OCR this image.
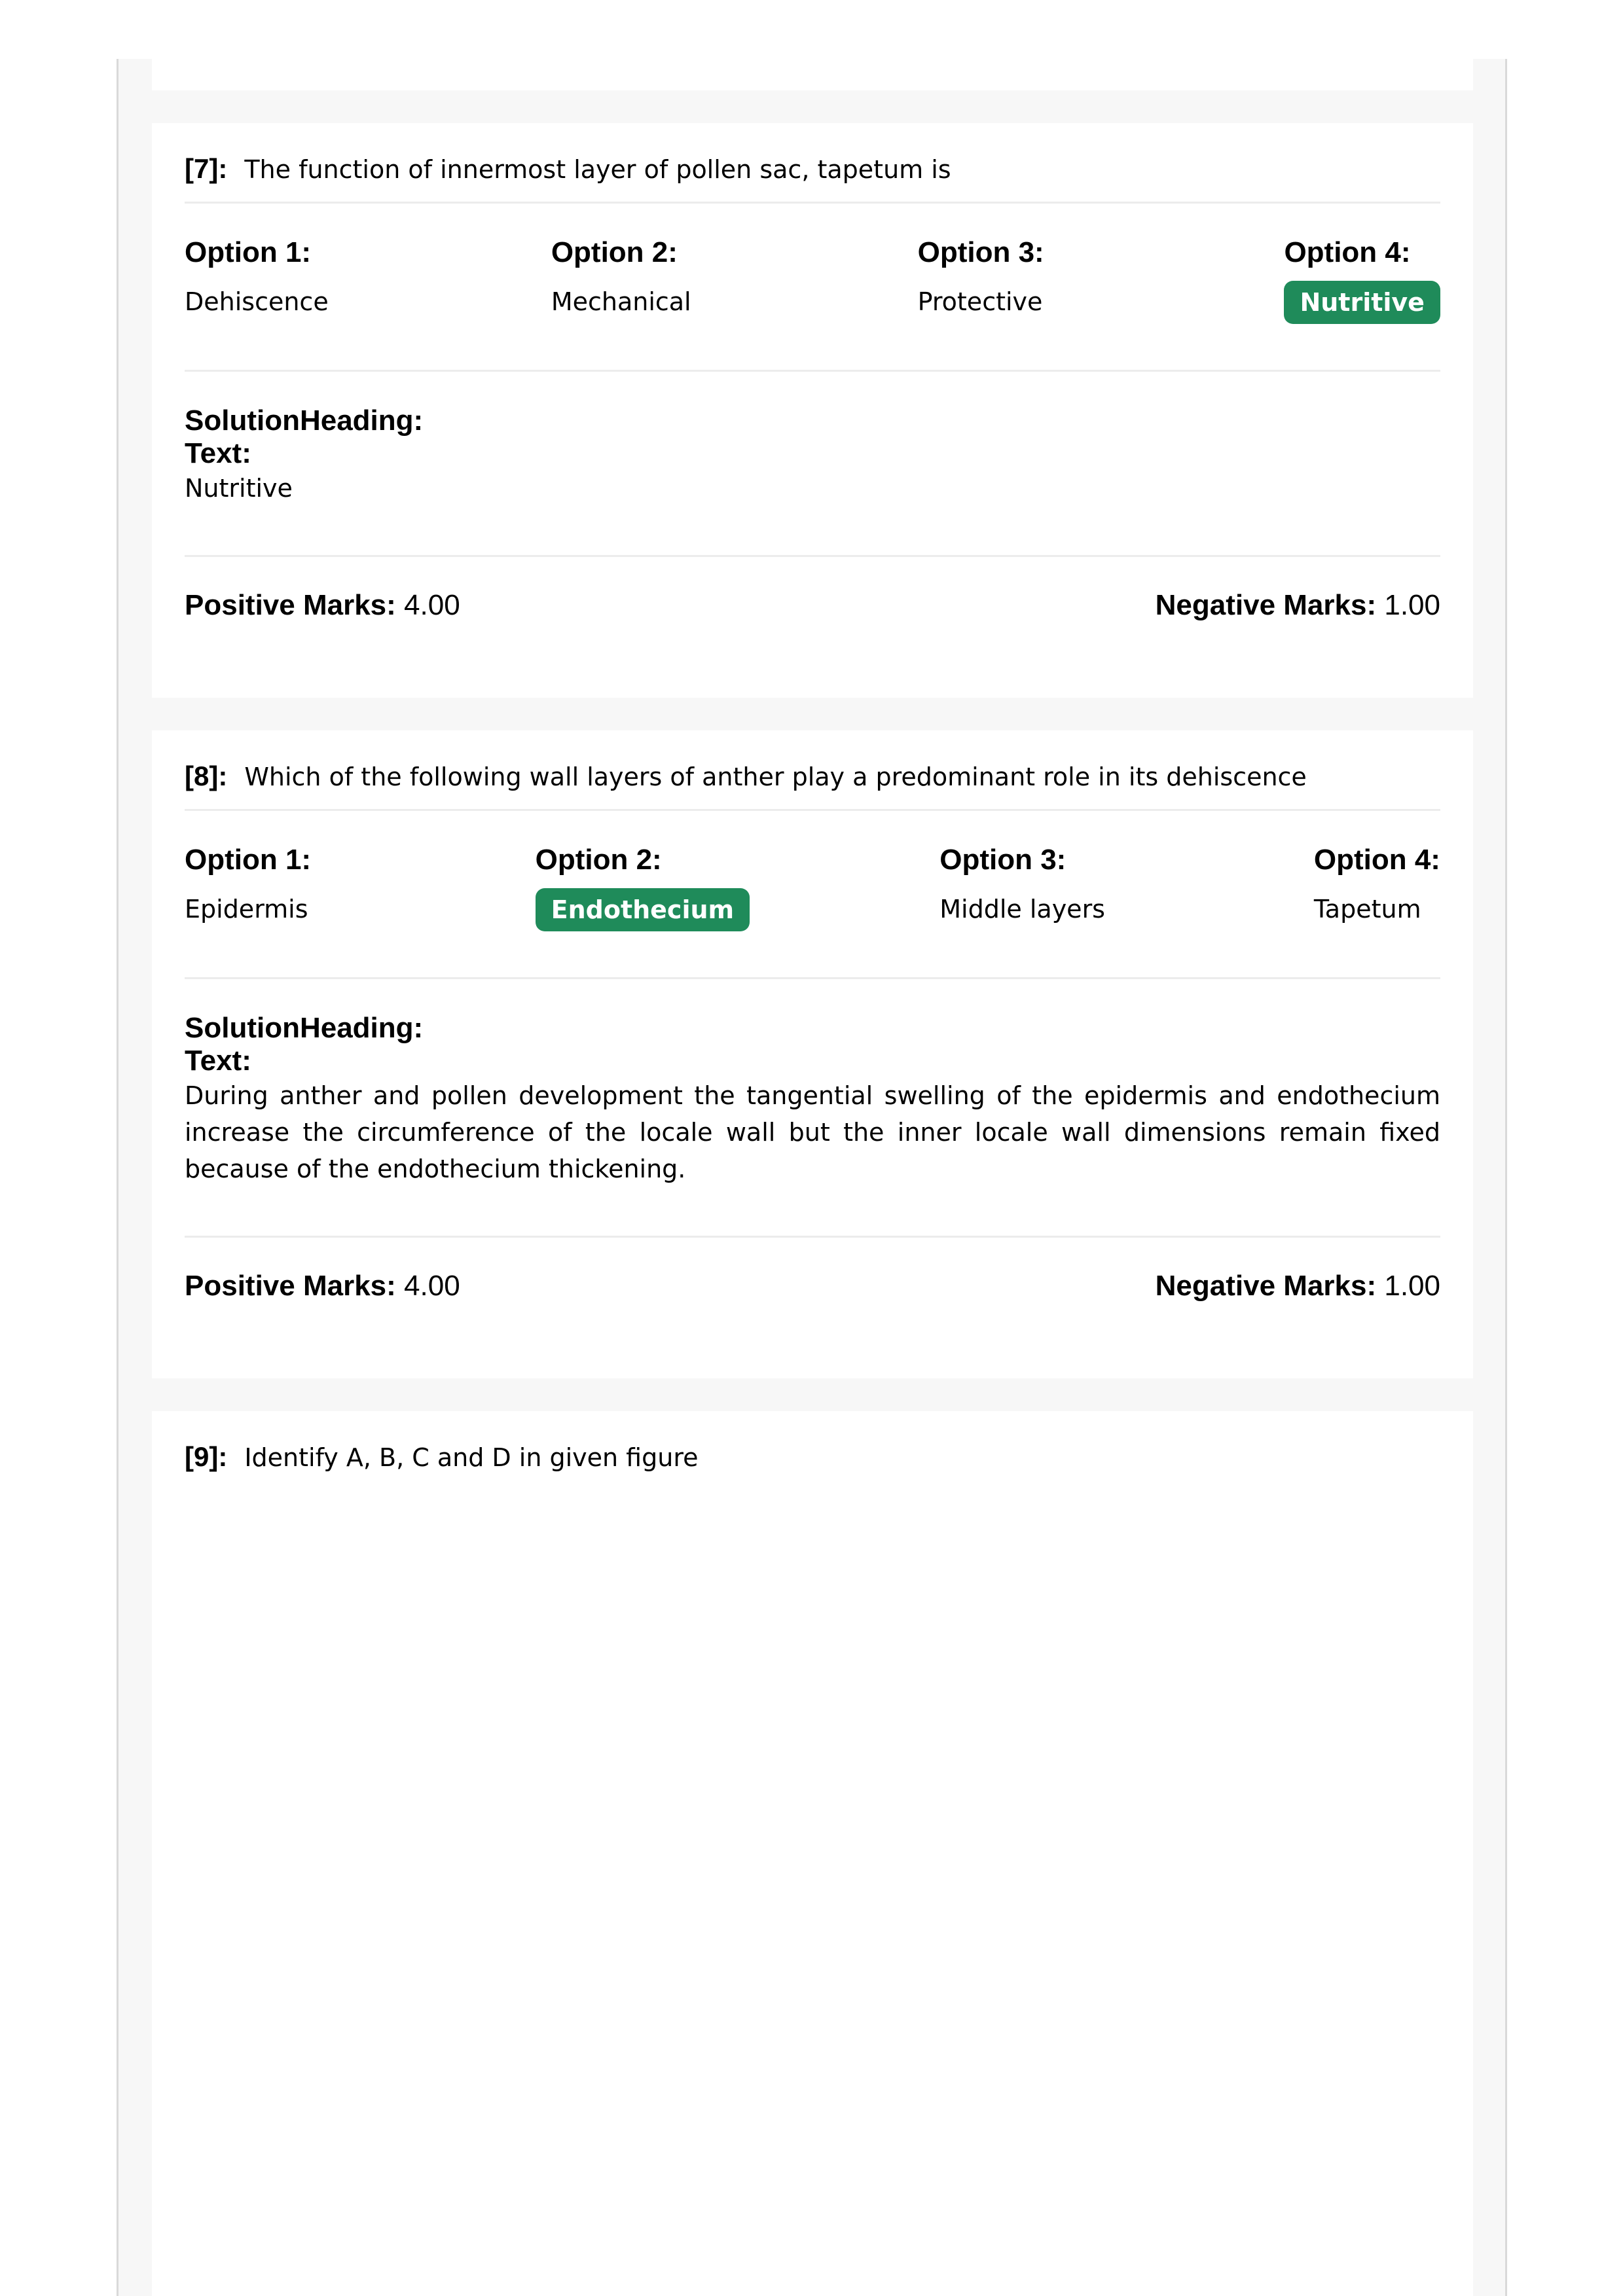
[7]: The function of innermost layer of pollen sac, tapetum is
Option 1:
Dehiscence
Option 2:
Mechanical
Option 3:
Protective
Option 4:
Nutritive
SolutionHeading:
Text:
Nutritive
Positive Marks: 4.00	Negative Marks: 1.00
[8]: Which of the following wall layers of anther play a predominant role in its dehiscence
Option 1:
Epidermis
Option 2:
Endothecium
Option 3:
Middle layers
Option 4:
Tapetum
SolutionHeading:
Text:
During anther and pollen development the tangential swelling of the epidermis and endothecium increase the circumference of the locale wall but the inner locale wall dimensions remain fixed because of the endothecium thickening.
Positive Marks: 4.00	Negative Marks: 1.00
[9]: Identify A, B, C and D in given figure
